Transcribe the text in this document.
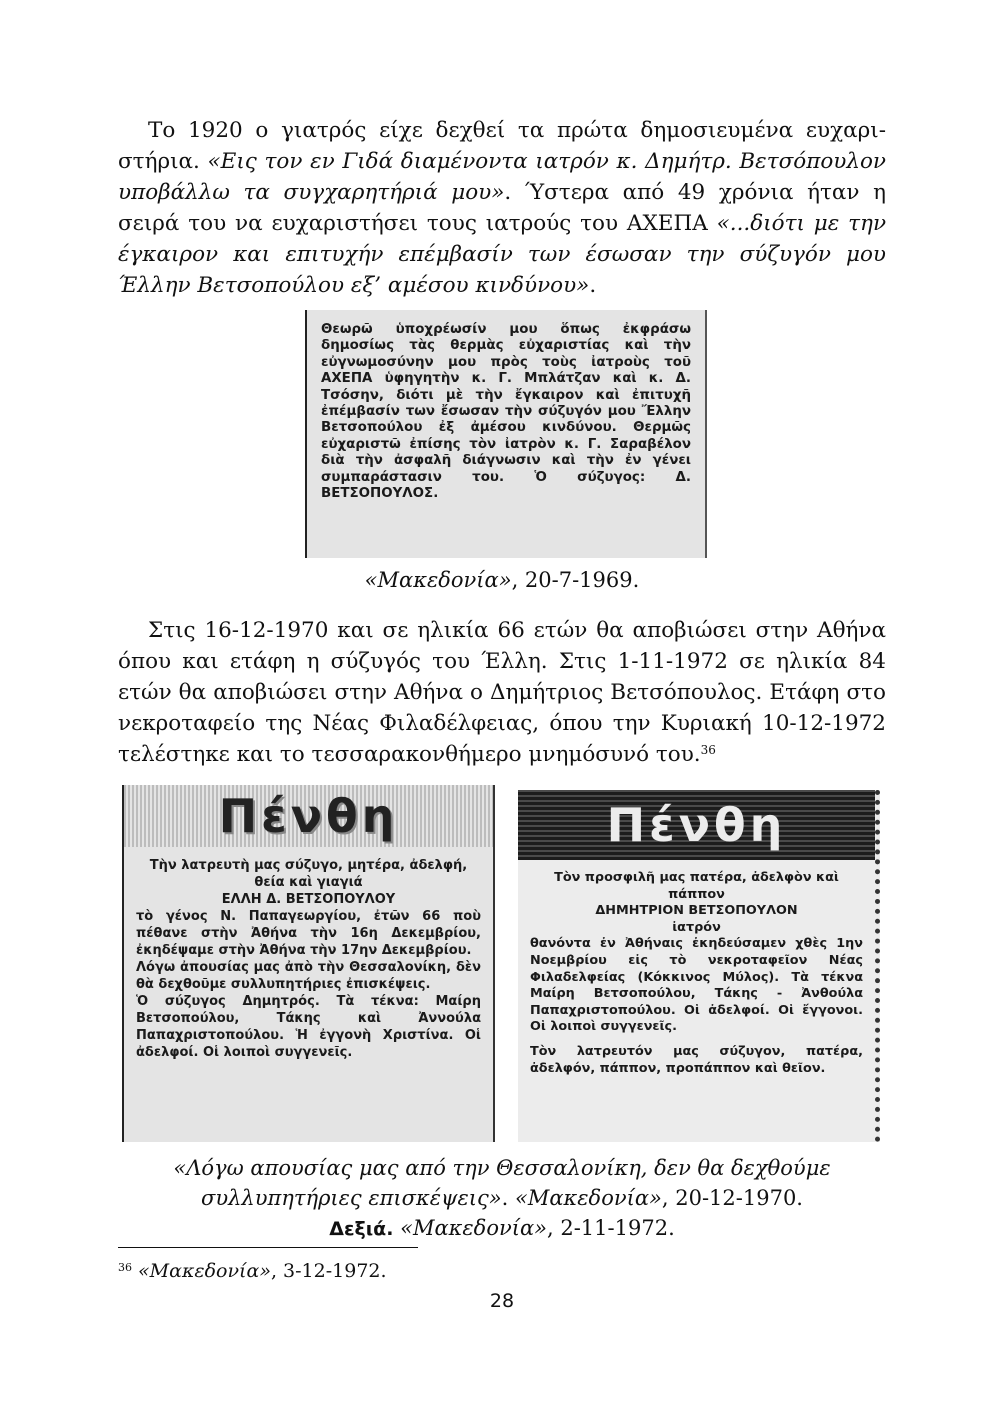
Το 1920 ο γιατρός είχε δεχθεί τα πρώτα δημοσιευμένα ευχαρι-στήρια. «Εις τον εν Γιδά διαμένοντα ιατρόν κ. Δημήτρ. Βετσόπουλον υποβάλλω τα συγχαρητήριά μου». Ύστερα από 49 χρόνια ήταν η σειρά του να ευχαριστήσει τους ιατρούς του ΑΧΕΠΑ «...διότι με την έγκαιρον και επιτυχήν επέμβασίν των έσωσαν την σύζυγόν μου Έλλην Βετσοπούλου εξ’ αμέσου κινδύνου».

Θεωρῶ ὑποχρέωσίν μου ὅπως ἐκφράσω δημοσίως τὰς θερμὰς εὐχαριστίας καὶ τὴν εὐγνωμοσύνην μου πρὸς τοὺς ἰατροὺς τοῦ ΑΧΕΠΑ ὑφηγητὴν κ. Γ. Μπλάτζαν καὶ κ. Δ. Τσόσην, διότι μὲ τὴν ἔγκαιρον καὶ ἐπιτυχῆ ἐπέμβασίν των ἔσωσαν τὴν σύζυγόν μου Ἔλλην Βετσοπούλου ἐξ ἀμέσου κινδύνου. Θερμῶς εὐχαριστῶ ἐπίσης τὸν ἰατρὸν κ. Γ. Σαραβέλον διὰ τὴν ἀσφαλῆ διάγνωσιν καὶ τὴν ἐν γένει συμπαράστασιν του. Ὁ σύζυγος: Δ. ΒΕΤΣΟΠΟΥΛΟΣ.

«Μακεδονία», 20-7-1969.

Στις 16-12-1970 και σε ηλικία 66 ετών θα αποβιώσει στην Αθήνα όπου και ετάφη η σύζυγός του Έλλη. Στις 1-11-1972 σε ηλικία 84 ετών θα αποβιώσει στην Αθήνα ο Δημήτριος Βετσόπουλος. Ετάφη στο νεκροταφείο της Νέας Φιλαδέλφειας, όπου την Κυριακή 10-12-1972 τελέστηκε και το τεσσαρακονθήμερο μνημόσυνό του.$^{36}$

Πένθη

Τὴν λατρευτὴ μας σύζυγο, μητέρα, ἀδελφή, θεία καὶ γιαγιά

ΕΛΛΗ Δ. ΒΕΤΣΟΠΟΥΛΟΥ

τὸ γένος Ν. Παπαγεωργίου, ἐτῶν 66 ποὺ πέθανε στὴν Ἀθήνα τὴν 16η Δεκεμβρίου, ἐκηδέψαμε στὴν Ἀθήνα τὴν 17ην Δεκεμβρίου.

Λόγω ἀπουσίας μας ἀπὸ τὴν Θεσσαλονίκη, δὲν θὰ δεχθοῦμε συλλυπητήριες ἐπισκέψεις.

Ὁ σύζυγος Δημητρός. Τὰ τέκνα: Μαίρη Βετσοπούλου, Τάκης καὶ Ἀννούλα Παπαχριστοπούλου. Ἡ ἐγγονὴ Χριστίνα. Οἱ ἀδελφοί. Οἱ λοιποὶ συγγενεῖς.

Πένθη

Τὸν προσφιλῆ μας πατέρα, ἀδελφὸν καὶ πάππον

ΔΗΜΗΤΡΙΟΝ ΒΕΤΣΟΠΟΥΛΟΝ

ἰατρόν

θανόντα ἐν Ἀθήναις ἐκηδεύσαμεν χθὲς 1ην Νοεμβρίου εἰς τὸ νεκροταφεῖον Νέας Φιλαδελφείας (Κόκκινος Μύλος). Τὰ τέκνα Μαίρη Βετσοπούλου, Τάκης - Ἀνθούλα Παπαχριστοπούλου. Οἱ ἀδελφοί. Οἱ ἔγγονοι. Οἱ λοιποὶ συγγενεῖς.

Τὸν λατρευτόν μας σύζυγον, πατέρα, ἀδελφόν, πάππον, προπάππον καὶ θεῖον.

«Λόγω απουσίας μας από την Θεσσαλονίκη, δεν θα δεχθούμε συλλυπητήριες επισκέψεις». «Μακεδονία», 20-12-1970.
Δεξιά. «Μακεδονία», 2-11-1972.
$^{36}$ «Μακεδονία», 3-12-1972.
28
